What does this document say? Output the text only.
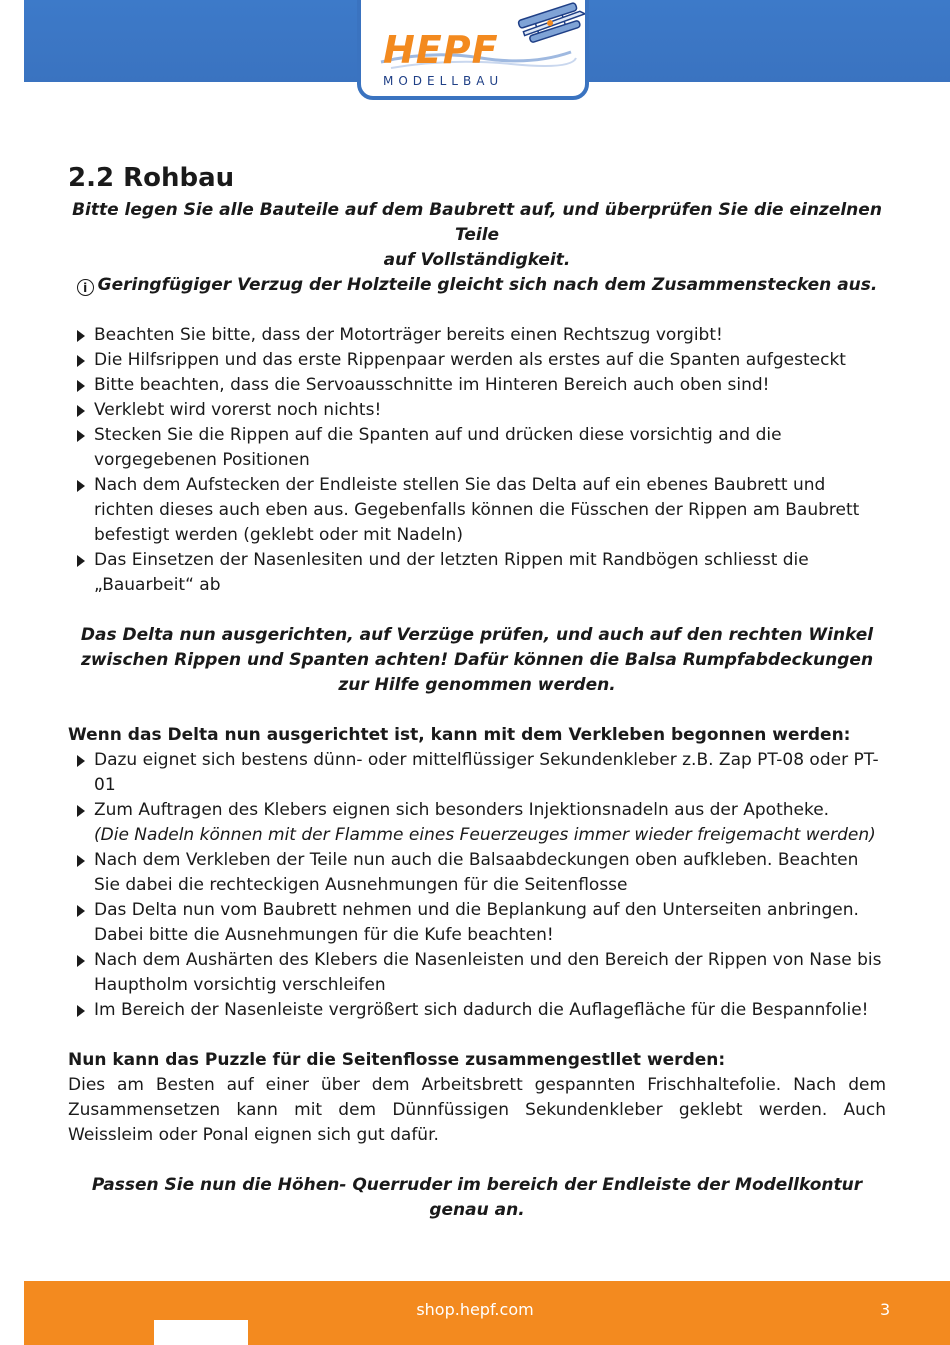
HEPF
MODELLBAU
2.2 Rohbau

Bitte legen Sie alle Bauteile auf dem Baubrett auf, und überprüfen Sie die einzelnen Teile

auf Vollständigkeit.

i Geringfügiger Verzug der Holzteile gleicht sich nach dem Zusammenstecken aus.

Beachten Sie bitte, dass der Motorträger bereits einen Rechtszug vorgibt!
Die Hilfsrippen und das erste Rippenpaar werden als erstes auf die Spanten aufgesteckt
Bitte beachten, dass die Servoausschnitte im Hinteren Bereich auch oben sind!
Verklebt wird vorerst noch nichts!
Stecken Sie die Rippen auf die Spanten auf und drücken diese vorsichtig and die vorgegebenen Positionen
Nach dem Aufstecken der Endleiste stellen Sie das Delta auf ein ebenes Baubrett und richten dieses auch eben aus. Gegebenfalls können die Füsschen der Rippen am Baubrett befestigt werden (geklebt oder mit Nadeln)
Das Einsetzen der Nasenlesiten und der letzten Rippen mit Randbögen schliesst die „Bauarbeit“ ab

Das Delta nun ausgerichten, auf Verzüge prüfen, und auch auf den rechten Winkel zwischen Rippen und Spanten achten! Dafür können die Balsa Rumpfabdeckungen zur Hilfe genommen werden.

Wenn das Delta nun ausgerichtet ist, kann mit dem Verkleben begonnen werden:

Dazu eignet sich bestens dünn- oder mittelflüssiger Sekundenkleber z.B. Zap PT-08 oder PT-01
Zum Auftragen des Klebers eignen sich besonders Injektionsnadeln aus der Apotheke.
(Die Nadeln können mit der Flamme eines Feuerzeuges immer wieder freigemacht werden)
Nach dem Verkleben der Teile nun auch die Balsaabdeckungen oben aufkleben. Beachten Sie dabei die rechteckigen Ausnehmungen für die Seitenflosse
Das Delta nun vom Baubrett nehmen und die Beplankung auf den Unterseiten anbringen. Dabei bitte die Ausnehmungen für die Kufe beachten!
Nach dem Aushärten des Klebers die Nasenleisten und den Bereich der Rippen von Nase bis Hauptholm vorsichtig verschleifen
Im Bereich der Nasenleiste vergrößert sich dadurch die Auflagefläche für die Bespannfolie!

Nun kann das Puzzle für die Seitenflosse zusammengestllet werden:

Dies am Besten auf einer über dem Arbeitsbrett gespannten Frischhaltefolie. Nach dem Zusammensetzen kann mit dem Dünnfüssigen Sekundenkleber geklebt werden. Auch Weissleim oder Ponal eignen sich gut dafür.

Passen Sie nun die Höhen- Querruder im bereich der Endleiste der Modellkontur genau an.

shop.hepf.com	3
